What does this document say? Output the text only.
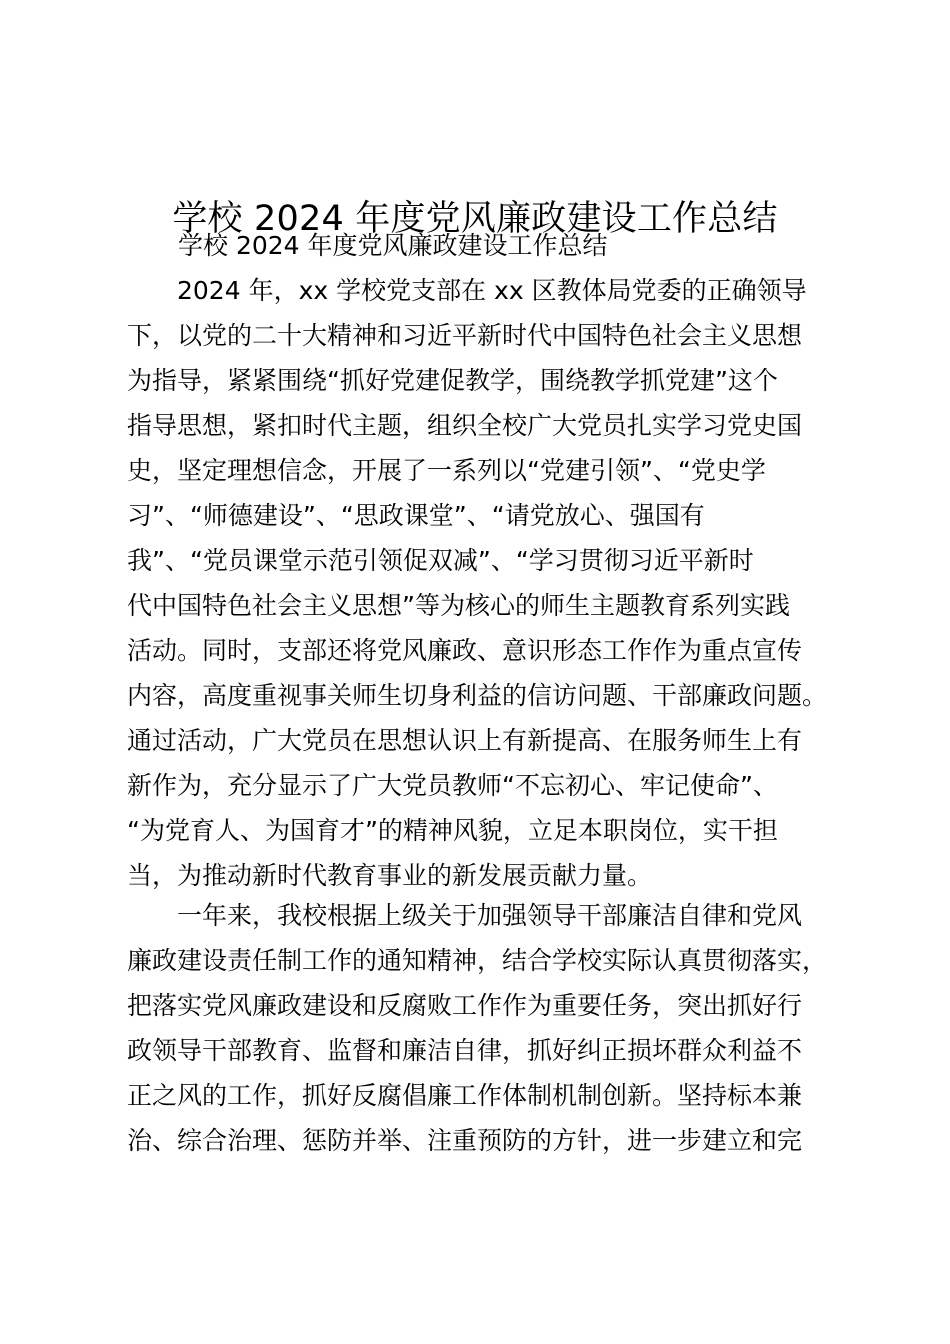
学校 2024 年度党风廉政建设工作总结
学校 2024 年度党风廉政建设工作总结
　　2024 年，xx 学校党支部在 xx 区教体局党委的正确领导
下，以党的二十大精神和习近平新时代中国特色社会主义思想
为指导，紧紧围绕“抓好党建促教学，围绕教学抓党建”这个
指导思想，紧扣时代主题，组织全校广大党员扎实学习党史国
史，坚定理想信念，开展了一系列以“党建引领”、“党史学
习”、“师德建设”、“思政课堂”、“请党放心、强国有
我”、“党员课堂示范引领促双减”、“学习贯彻习近平新时
代中国特色社会主义思想”等为核心的师生主题教育系列实践
活动。同时，支部还将党风廉政、意识形态工作作为重点宣传
内容，高度重视事关师生切身利益的信访问题、干部廉政问题。
通过活动，广大党员在思想认识上有新提高、在服务师生上有
新作为，充分显示了广大党员教师“不忘初心、牢记使命”、
“为党育人、为国育才”的精神风貌，立足本职岗位，实干担
当，为推动新时代教育事业的新发展贡献力量。
　　一年来，我校根据上级关于加强领导干部廉洁自律和党风
廉政建设责任制工作的通知精神，结合学校实际认真贯彻落实，
把落实党风廉政建设和反腐败工作作为重要任务，突出抓好行
政领导干部教育、监督和廉洁自律，抓好纠正损坏群众利益不
正之风的工作，抓好反腐倡廉工作体制机制创新。坚持标本兼
治、综合治理、惩防并举、注重预防的方针，进一步建立和完
